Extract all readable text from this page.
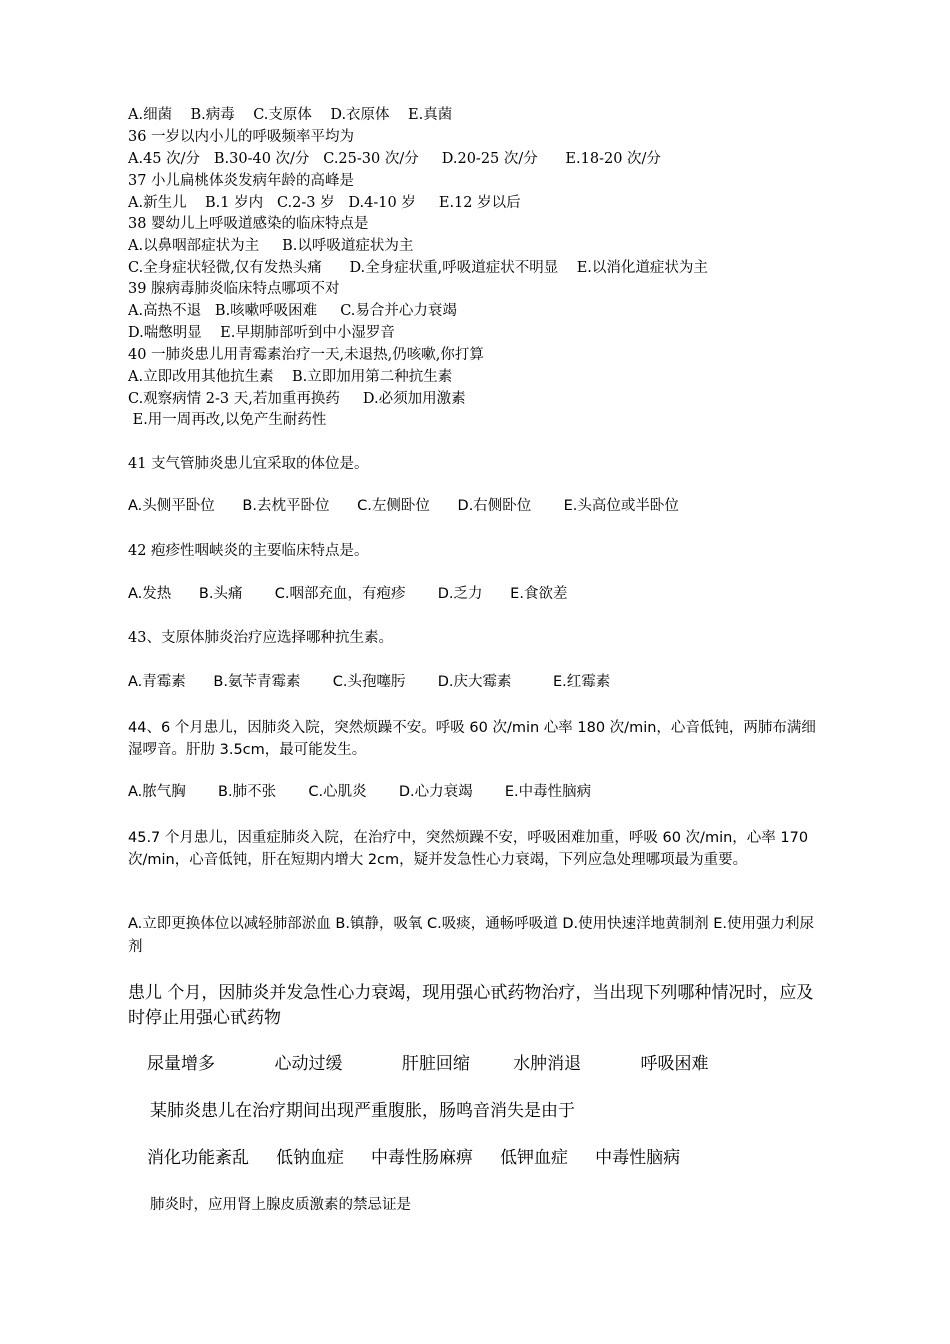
A.细菌    B.病毒    C.支原体    D.衣原体    E.真菌
36 一岁以内小儿的呼吸频率平均为
A.45 次/分   B.30-40 次/分   C.25-30 次/分     D.20-25 次/分      E.18-20 次/分
37 小儿扁桃体炎发病年龄的高峰是
A.新生儿    B.1 岁内   C.2-3 岁   D.4-10 岁     E.12 岁以后
38 婴幼儿上呼吸道感染的临床特点是
A.以鼻咽部症状为主     B.以呼吸道症状为主
C.全身症状轻微,仅有发热头痛      D.全身症状重,呼吸道症状不明显    E.以消化道症状为主
39 腺病毒肺炎临床特点哪项不对
A.高热不退   B.咳嗽呼吸困难     C.易合并心力衰竭
D.喘憋明显    E.早期肺部听到中小湿罗音
40 一肺炎患儿用青霉素治疗一天,未退热,仍咳嗽,你打算
A.立即改用其他抗生素    B.立即加用第二种抗生素
C.观察病情 2-3 天,若加重再换药     D.必须加用激素
E.用一周再改,以免产生耐药性
41 支气管肺炎患儿宜采取的体位是。
A.头侧平卧位      B.去枕平卧位      C.左侧卧位      D.右侧卧位       E.头高位或半卧位
42 疱疹性咽峡炎的主要临床特点是。
A.发热      B.头痛       C.咽部充血，有疱疹       D.乏力      E.食欲差
43、支原体肺炎治疗应选择哪种抗生素。
A.青霉素      B.氨苄青霉素       C.头孢噻肟       D.庆大霉素         E.红霉素
44、6 个月患儿，因肺炎入院，突然烦躁不安。呼吸 60 次/min 心率 180 次/min，心音低钝，两肺布满细湿啰音。肝肋 3.5cm，最可能发生。
A.脓气胸       B.肺不张       C.心肌炎       D.心力衰竭       E.中毒性脑病
45.7 个月患儿，因重症肺炎入院，在治疗中，突然烦躁不安，呼吸困难加重，呼吸 60 次/min，心率 170 次/min，心音低钝，肝在短期内增大 2cm，疑并发急性心力衰竭，下列应急处理哪项最为重要。
A.立即更换体位以减轻肺部淤血 B.镇静，吸氧 C.吸痰，通畅呼吸道 D.使用快速洋地黄制剂 E.使用强力利尿剂
患儿 个月，因肺炎并发急性心力衰竭，现用强心甙药物治疗，当出现下列哪种情况时，应及时停止用强心甙药物
尿量增多           心动过缓           肝脏回缩        水肿消退           呼吸困难
某肺炎患儿在治疗期间出现严重腹胀，肠鸣音消失是由于
消化功能紊乱     低钠血症     中毒性肠麻痹     低钾血症     中毒性脑病
肺炎时，应用肾上腺皮质激素的禁忌证是
